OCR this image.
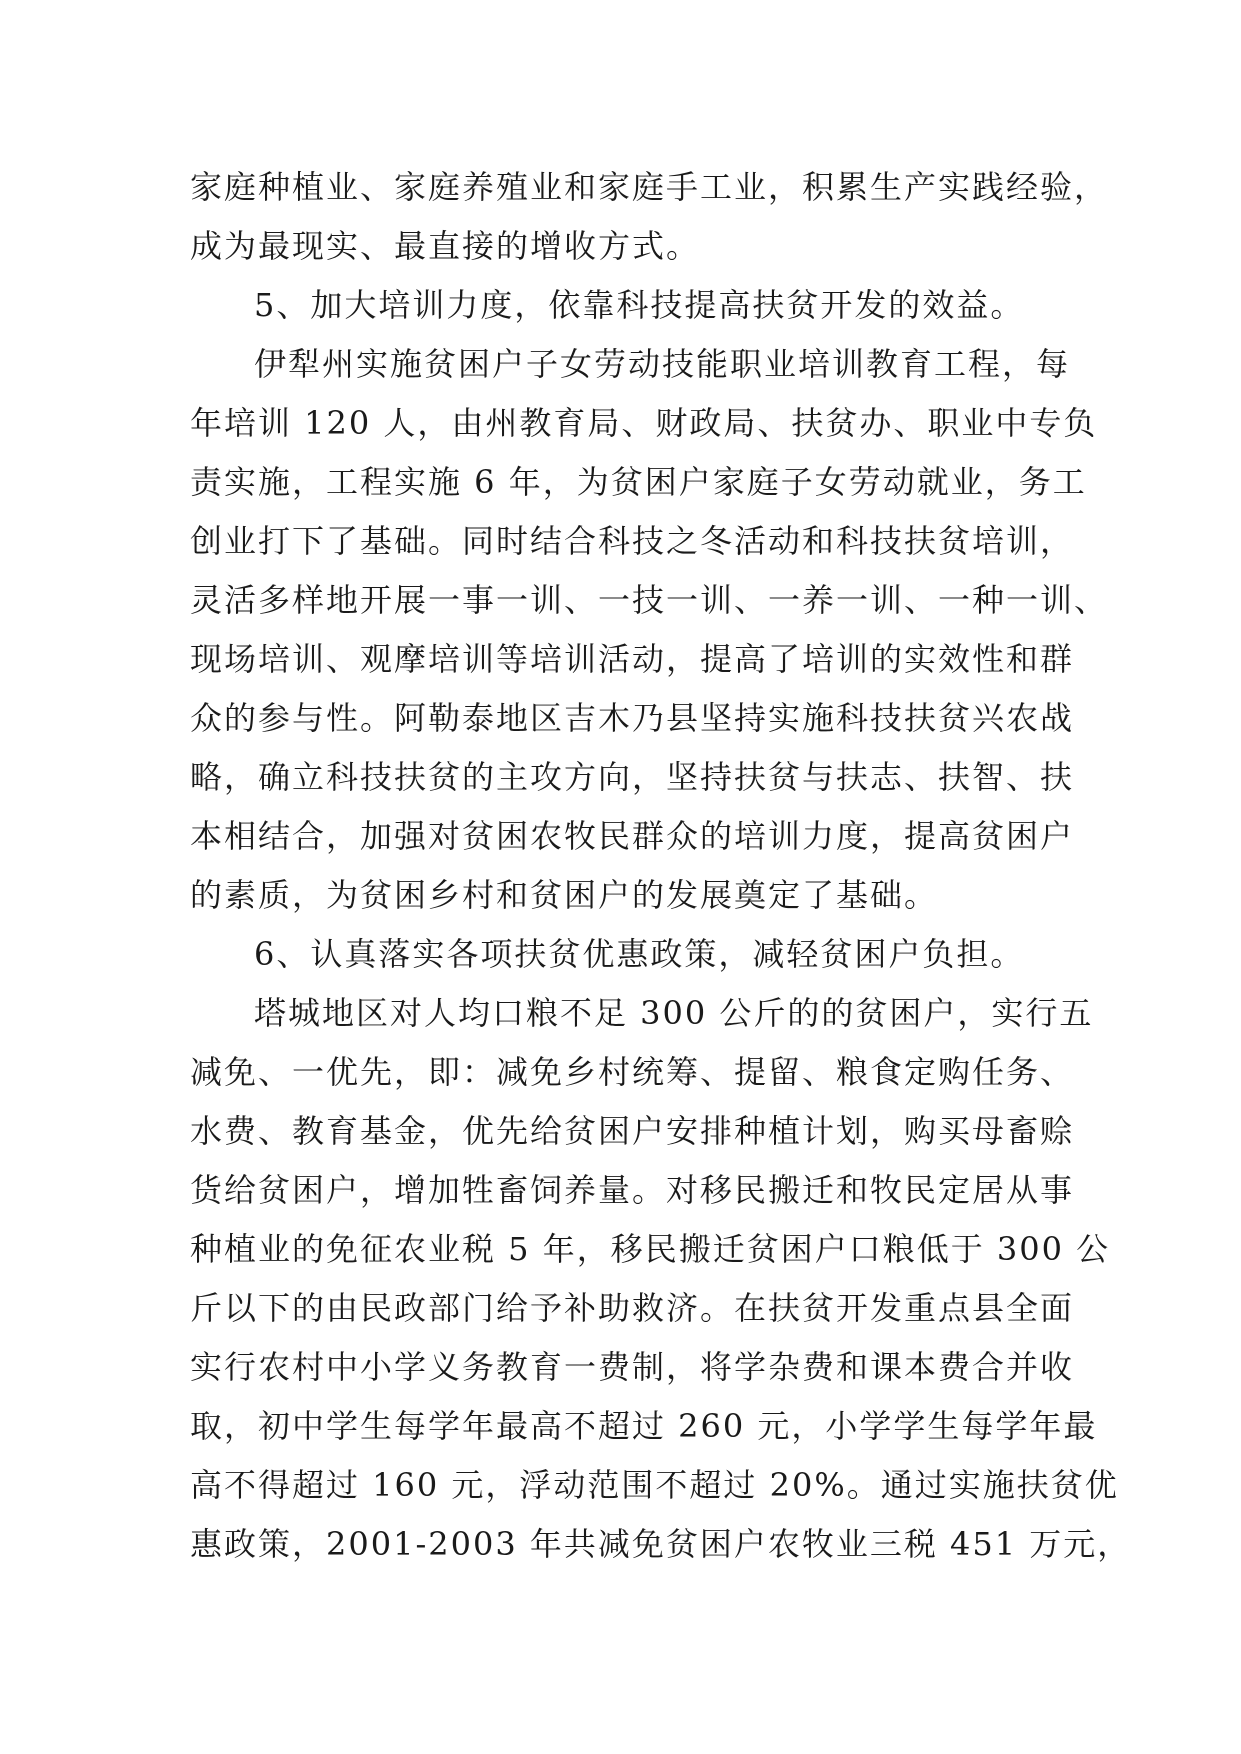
家庭种植业、家庭养殖业和家庭手工业，积累生产实践经验，
成为最现实、最直接的增收方式。
5、加大培训力度，依靠科技提高扶贫开发的效益。
伊犁州实施贫困户子女劳动技能职业培训教育工程，每
年培训 120 人，由州教育局、财政局、扶贫办、职业中专负
责实施，工程实施 6 年，为贫困户家庭子女劳动就业，务工
创业打下了基础。同时结合科技之冬活动和科技扶贫培训，
灵活多样地开展一事一训、一技一训、一养一训、一种一训、
现场培训、观摩培训等培训活动，提高了培训的实效性和群
众的参与性。阿勒泰地区吉木乃县坚持实施科技扶贫兴农战
略，确立科技扶贫的主攻方向，坚持扶贫与扶志、扶智、扶
本相结合，加强对贫困农牧民群众的培训力度，提高贫困户
的素质，为贫困乡村和贫困户的发展奠定了基础。
6、认真落实各项扶贫优惠政策，减轻贫困户负担。
塔城地区对人均口粮不足 300 公斤的的贫困户，实行五
减免、一优先，即：减免乡村统筹、提留、粮食定购任务、
水费、教育基金，优先给贫困户安排种植计划，购买母畜赊
货给贫困户，增加牲畜饲养量。对移民搬迁和牧民定居从事
种植业的免征农业税 5 年，移民搬迁贫困户口粮低于 300 公
斤以下的由民政部门给予补助救济。在扶贫开发重点县全面
实行农村中小学义务教育一费制，将学杂费和课本费合并收
取，初中学生每学年最高不超过 260 元，小学学生每学年最
高不得超过 160 元，浮动范围不超过 20%。通过实施扶贫优
惠政策，2001-2003 年共减免贫困户农牧业三税 451 万元，
